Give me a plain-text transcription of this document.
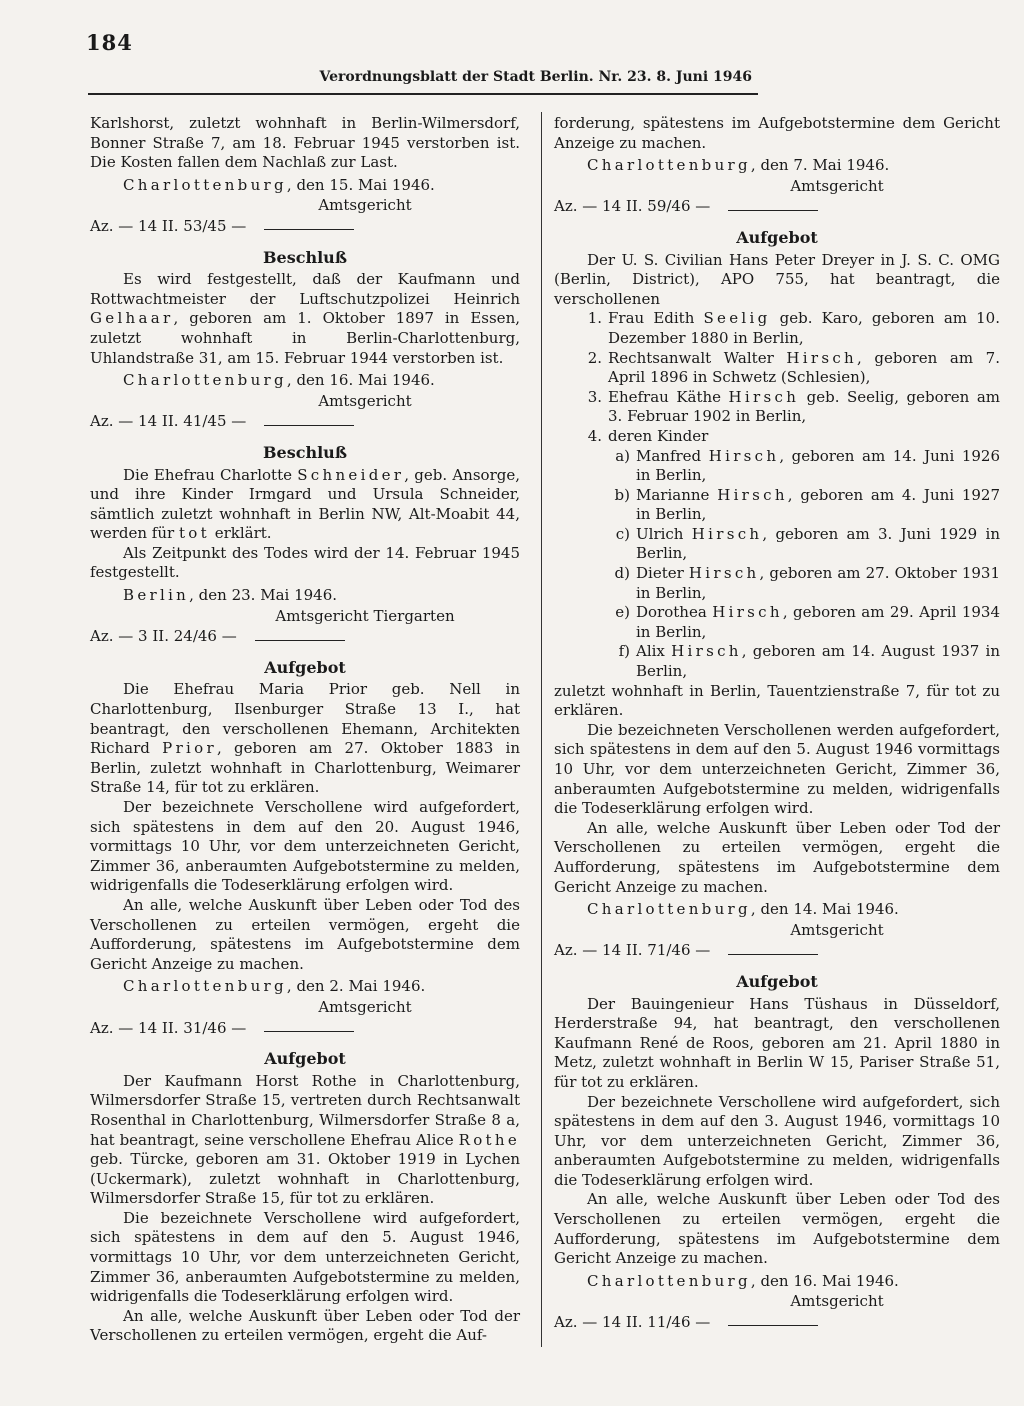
184
Verordnungsblatt der Stadt Berlin. Nr. 23. 8. Juni 1946

Karlshorst, zuletzt wohnhaft in Berlin-Wilmersdorf, Bonner Straße 7, am 18. Februar 1945 verstorben ist. Die Kosten fallen dem Nachlaß zur Last.

Charlottenburg, den 15. Mai 1946.

Amtsgericht

Az. — 14 II. 53/45 —
Beschluß

Es wird festgestellt, daß der Kaufmann und Rottwachtmeister der Luftschutzpolizei Heinrich Gelhaar, geboren am 1. Oktober 1897 in Essen, zuletzt wohnhaft in Berlin-Charlottenburg, Uhlandstraße 31, am 15. Februar 1944 verstorben ist.

Charlottenburg, den 16. Mai 1946.

Amtsgericht

Az. — 14 II. 41/45 —
Beschluß

Die Ehefrau Charlotte Schneider, geb. Ansorge, und ihre Kinder Irmgard und Ursula Schneider, sämtlich zuletzt wohnhaft in Berlin NW, Alt-Moabit 44, werden für tot erklärt.

Als Zeitpunkt des Todes wird der 14. Februar 1945 festgestellt.

Berlin, den 23. Mai 1946.

Amtsgericht Tiergarten

Az. — 3 II. 24/46 —
Aufgebot

Die Ehefrau Maria Prior geb. Nell in Charlottenburg, Ilsenburger Straße 13 I., hat beantragt, den verschollenen Ehemann, Architekten Richard Prior, geboren am 27. Oktober 1883 in Berlin, zuletzt wohnhaft in Charlottenburg, Weimarer Straße 14, für tot zu erklären.

Der bezeichnete Verschollene wird aufgefordert, sich spätestens in dem auf den 20. August 1946, vormittags 10 Uhr, vor dem unterzeichneten Gericht, Zimmer 36, anberaumten Aufgebotstermine zu melden, widrigenfalls die Todeserklärung erfolgen wird.

An alle, welche Auskunft über Leben oder Tod des Verschollenen zu erteilen vermögen, ergeht die Aufforderung, spätestens im Aufgebotstermine dem Gericht Anzeige zu machen.

Charlottenburg, den 2. Mai 1946.

Amtsgericht

Az. — 14 II. 31/46 —
Aufgebot

Der Kaufmann Horst Rothe in Charlottenburg, Wilmersdorfer Straße 15, vertreten durch Rechtsanwalt Rosenthal in Charlottenburg, Wilmersdorfer Straße 8 a, hat beantragt, seine verschollene Ehefrau Alice Rothe geb. Türcke, geboren am 31. Oktober 1919 in Lychen (Uckermark), zuletzt wohnhaft in Charlottenburg, Wilmersdorfer Straße 15, für tot zu erklären.

Die bezeichnete Verschollene wird aufgefordert, sich spätestens in dem auf den 5. August 1946, vormittags 10 Uhr, vor dem unterzeichneten Gericht, Zimmer 36, anberaumten Aufgebotstermine zu melden, widrigenfalls die Todeserklärung erfolgen wird.

An alle, welche Auskunft über Leben oder Tod der Verschollenen zu erteilen vermögen, ergeht die Auf-

forderung, spätestens im Aufgebotstermine dem Gericht Anzeige zu machen.

Charlottenburg, den 7. Mai 1946.

Amtsgericht

Az. — 14 II. 59/46 —
Aufgebot

Der U. S. Civilian Hans Peter Dreyer in J. S. C. OMG (Berlin, District), APO 755, hat beantragt, die verschollenen

1. Frau Edith Seelig geb. Karo, geboren am 10. Dezember 1880 in Berlin,
2. Rechtsanwalt Walter Hirsch, geboren am 7. April 1896 in Schwetz (Schlesien),
3. Ehefrau Käthe Hirsch geb. Seelig, geboren am 3. Februar 1902 in Berlin,
4. deren Kinder
a) Manfred Hirsch, geboren am 14. Juni 1926 in Berlin,
b) Marianne Hirsch, geboren am 4. Juni 1927 in Berlin,
c) Ulrich Hirsch, geboren am 3. Juni 1929 in Berlin,
d) Dieter Hirsch, geboren am 27. Oktober 1931 in Berlin,
e) Dorothea Hirsch, geboren am 29. April 1934 in Berlin,
f) Alix Hirsch, geboren am 14. August 1937 in Berlin,

zuletzt wohnhaft in Berlin, Tauentzienstraße 7, für tot zu erklären.

Die bezeichneten Verschollenen werden aufgefordert, sich spätestens in dem auf den 5. August 1946 vormittags 10 Uhr, vor dem unterzeichneten Gericht, Zimmer 36, anberaumten Aufgebotstermine zu melden, widrigenfalls die Todeserklärung erfolgen wird.

An alle, welche Auskunft über Leben oder Tod der Verschollenen zu erteilen vermögen, ergeht die Aufforderung, spätestens im Aufgebotstermine dem Gericht Anzeige zu machen.

Charlottenburg, den 14. Mai 1946.

Amtsgericht

Az. — 14 II. 71/46 —
Aufgebot

Der Bauingenieur Hans Tüshaus in Düsseldorf, Herderstraße 94, hat beantragt, den verschollenen Kaufmann René de Roos, geboren am 21. April 1880 in Metz, zuletzt wohnhaft in Berlin W 15, Pariser Straße 51, für tot zu erklären.

Der bezeichnete Verschollene wird aufgefordert, sich spätestens in dem auf den 3. August 1946, vormittags 10 Uhr, vor dem unterzeichneten Gericht, Zimmer 36, anberaumten Aufgebotstermine zu melden, widrigenfalls die Todeserklärung erfolgen wird.

An alle, welche Auskunft über Leben oder Tod des Verschollenen zu erteilen vermögen, ergeht die Aufforderung, spätestens im Aufgebotstermine dem Gericht Anzeige zu machen.

Charlottenburg, den 16. Mai 1946.

Amtsgericht

Az. — 14 II. 11/46 —
